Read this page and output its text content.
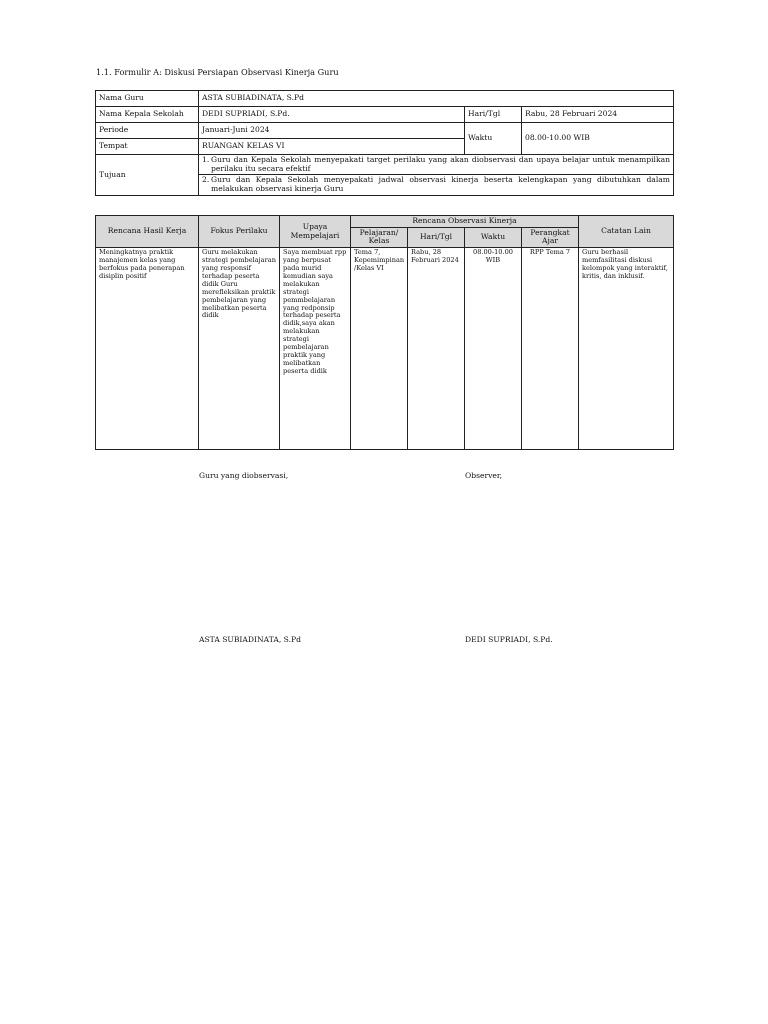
1.1. Formulir A: Diskusi Persiapan Observasi Kinerja Guru
Nama Guru	ASTA SUBIADINATA, S.Pd		
Nama Kepala Sekolah	DEDI SUPRIADI, S.Pd.	Hari/Tgl	Rabu, 28 Februari 2024
Periode	Januari-Juni 2024	Waktu	08.00-10.00 WIB
Tempat	RUANGAN KELAS VI		
Tujuan	1. Guru dan Kepala Sekolah menyepakati target perilaku yang akan diobservasi dan upaya belajar untuk menampilkan perilaku itu secara efektif
2. Guru dan Kepala Sekolah menyepakati jadwal observasi kinerja beserta kelengkapan yang dibutuhkan dalam melakukan observasi kinerja Guru		
Rencana Hasil Kerja	Fokus Perilaku	Upaya Mempelajari	Rencana Observasi Kinerja				Catatan Lain
			Pelajaran/ Kelas	Hari/Tgl	Waktu	Perangkat Ajar	
Meningkatnya praktik manajemen kelas yang berfokus pada penerapan disiplin positif	Guru melakukan strategi pembelajaran yang responsif terhadap peserta didik Guru merefleksikan praktik pembelajaran yang melibatkan peserta didik	Saya membuat rpp yang berpusat pada murid kemudian saya melakukan strategi pemmbelajaran yang redponsip terhadap peserta didik,saya akan melakukan strategi pembelajaran praktik yang melibatkan peserta didik	Tema 7, Kepemimpinan /Kelas VI	Rabu, 28 Februari 2024	08.00-10.00 WIB	RPP Tema 7	Guru berhasil memfasilitasi diskusi kelompok yang interaktif, kritis, dan inklusif.
Guru yang diobservasi,	Observer,
ASTA SUBIADINATA, S.Pd	DEDI SUPRIADI, S.Pd.
